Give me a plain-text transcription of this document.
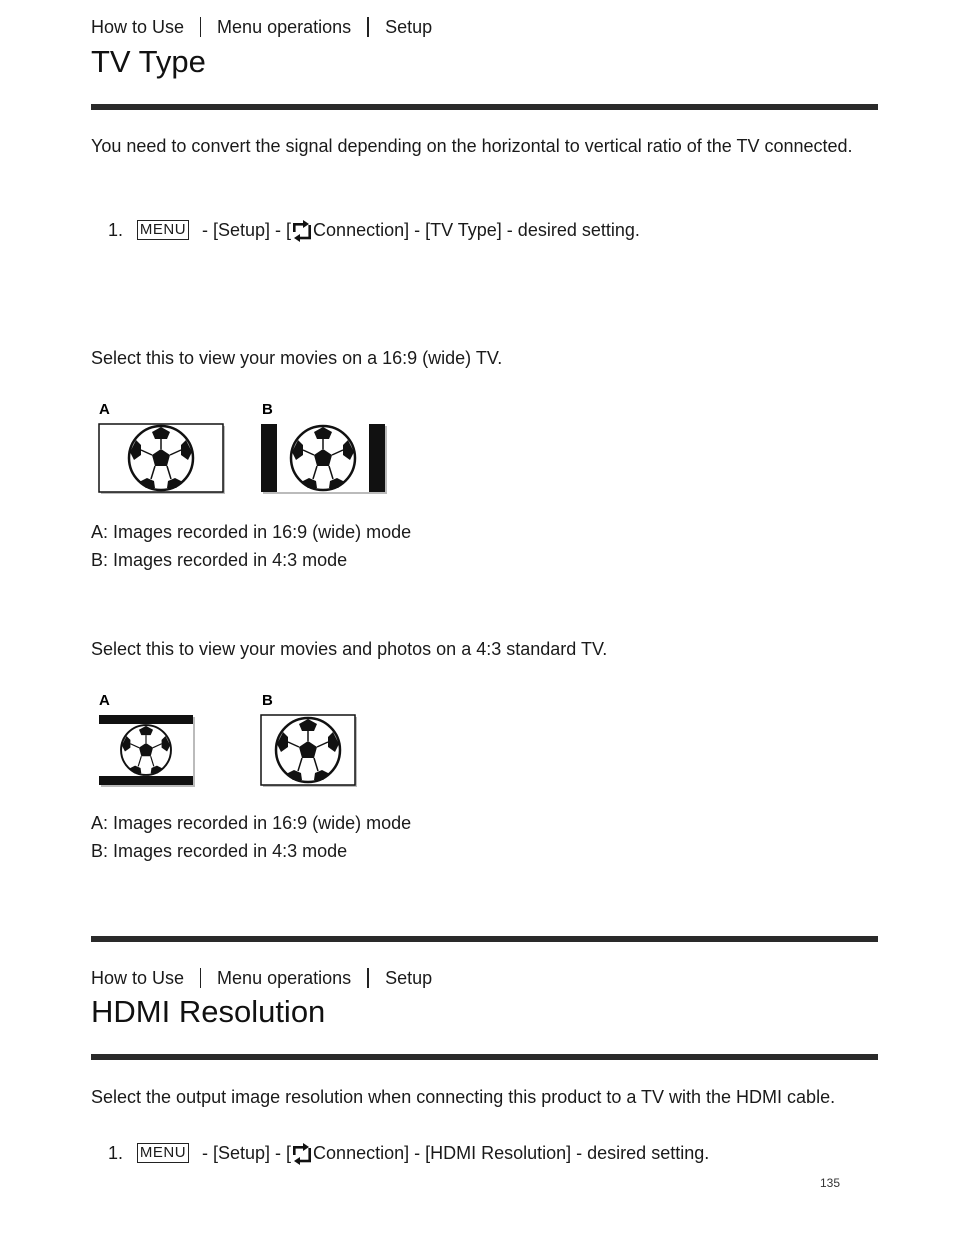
How to Use Menu operations Setup
TV Type
You need to convert the signal depending on the horizontal to vertical ratio of the TV connected.
1.	MENU - [Setup] - [ Connection] - [TV Type] - desired setting.
Select this to view your movies on a 16:9 (wide) TV.
A	B
A: Images recorded in 16:9 (wide) mode
B: Images recorded in 4:3 mode
Select this to view your movies and photos on a 4:3 standard TV.
A	B
A: Images recorded in 16:9 (wide) mode
B: Images recorded in 4:3 mode
How to Use Menu operations Setup
HDMI Resolution
Select the output image resolution when connecting this product to a TV with the HDMI cable.
1.	MENU - [Setup] - [ Connection] - [HDMI Resolution] - desired setting.
135
